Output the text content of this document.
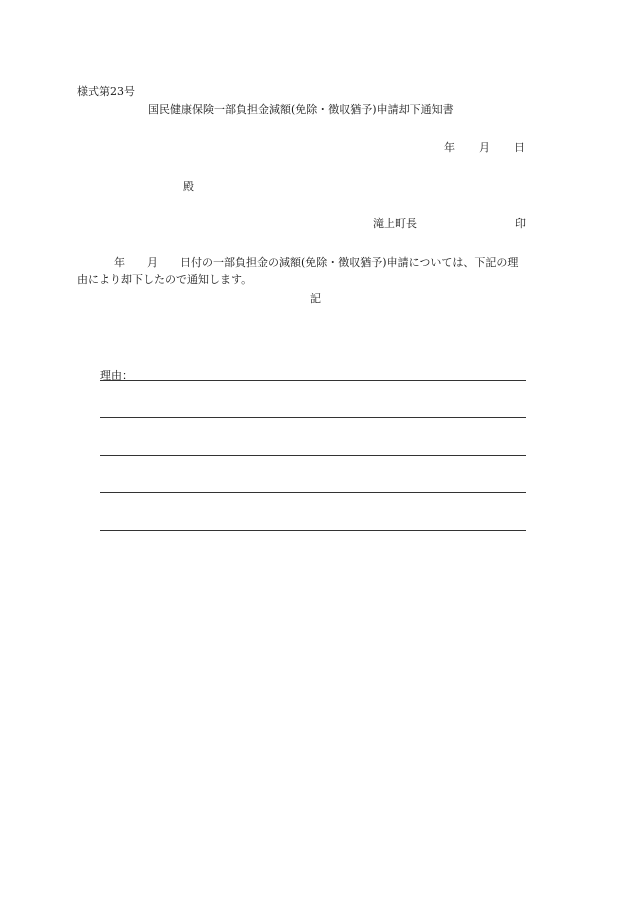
様式第23号
国民健康保険一部負担金減額(免除・徴収猶予)申請却下通知書
年 月 日
殿
滝上町長	印
年　　月　　日付の一部負担金の減額(免除・徴収猶予)申請については、下記の理
由により却下したので通知します。
記
理由：
